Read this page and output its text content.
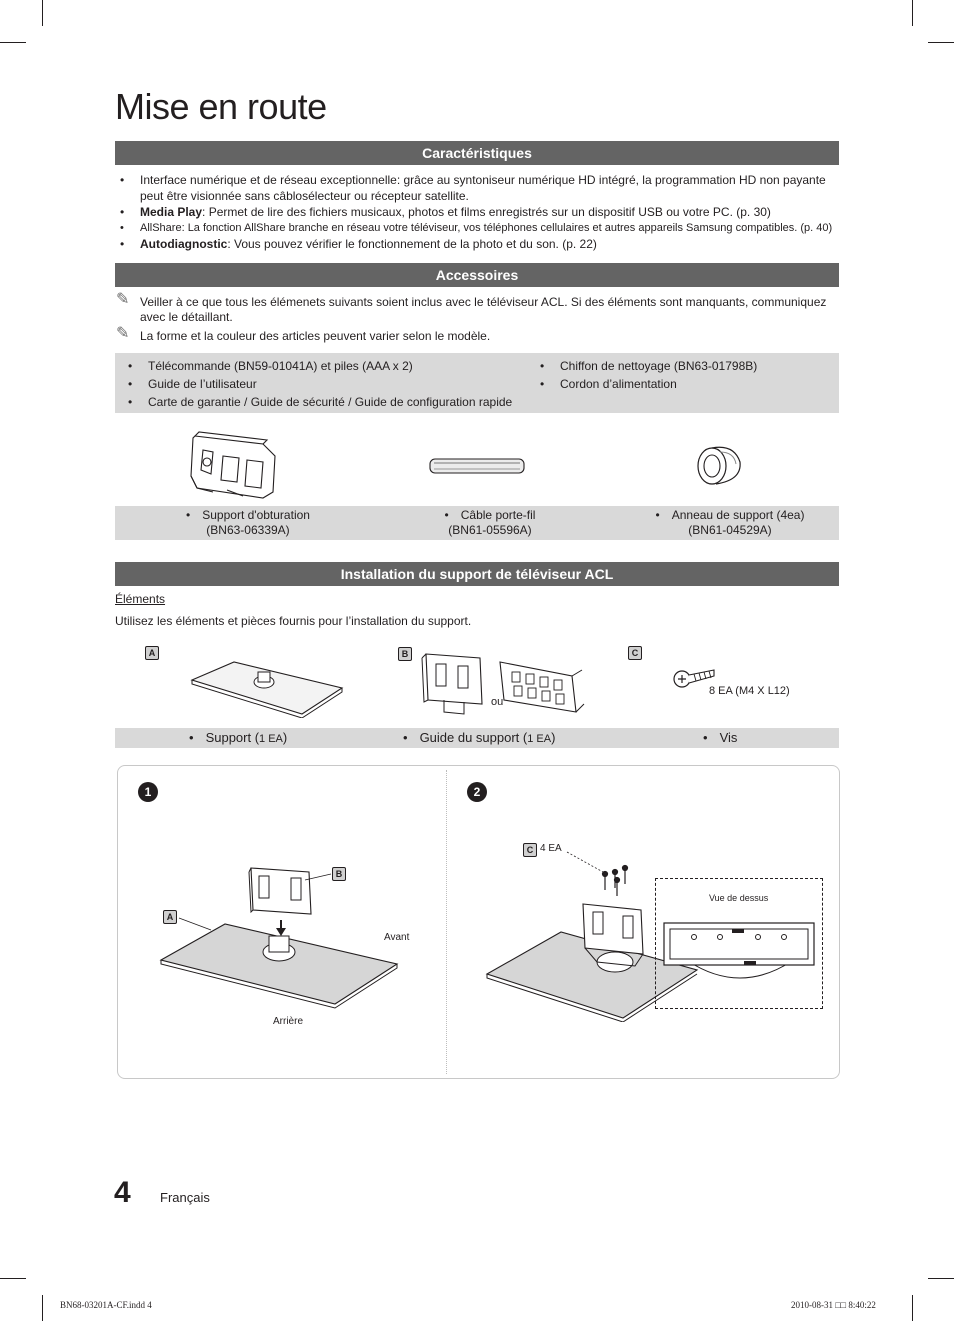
Mise en route
Caractéristiques
• Interface numérique et de réseau exceptionnelle: grâce au syntoniseur numérique HD intégré, la programmation HD non payante peut être visionnée sans câblosélecteur ou récepteur satellite.
• Media Play: Permet de lire des fichiers musicaux, photos et films enregistrés sur un dispositif USB ou votre PC. (p. 30)
• AllShare: La fonction AllShare branche en réseau votre téléviseur, vos téléphones cellulaires et autres appareils Samsung compatibles. (p. 40)
• Autodiagnostic: Vous pouvez vérifier le fonctionnement de la photo et du son. (p. 22)
Accessoires
✎ Veiller à ce que tous les élémenets suivants soient inclus avec le téléviseur ACL. Si des éléments sont manquants, communiquez avec le détaillant.
✎ La forme et la couleur des articles peuvent varier selon le modèle.
• Télécommande (BN59-01041A) et piles (AAA x 2)
• Guide de l’utilisateur
• Carte de garantie / Guide de sécurité / Guide de configuration rapide
• Chiffon de nettoyage (BN63-01798B)
• Cordon d’alimentation
• Support d'obturation
(BN63-06339A)
• Câble porte-fil
(BN61-05596A)
• Anneau de support (4ea)
(BN61-04529A)
Installation du support de téléviseur ACL
Éléments
Utilisez les éléments et pièces fournis pour l’installation du support.
A	B	C
ou
8 EA (M4 X L12)
• Support (1 EA)	• Guide du support (1 EA)	• Vis
1	2
B
A
Avant
Arrière
C 4 EA
Vue de dessus
4 Français
BN68-03201A-CF.indd 4	2010-08-31 □□ 8:40:22
